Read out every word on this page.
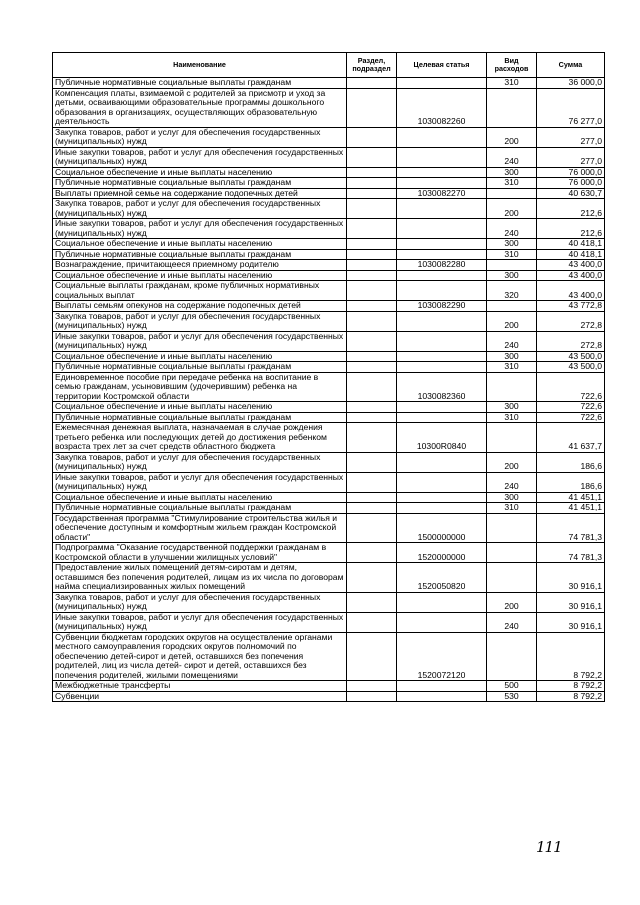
Наименование	Раздел, подраздел	Целевая статья	Вид расходов	Сумма
Публичные нормативные социальные выплаты гражданам			310	36 000,0
Компенсация платы, взимаемой с родителей за присмотр и уход за детьми, осваивающими образовательные программы дошкольного образования в организациях, осуществляющих образовательную деятельность		1030082260		76 277,0
Закупка товаров, работ и услуг для обеспечения государственных (муниципальных) нужд			200	277,0
Иные закупки товаров, работ и услуг для обеспечения государственных (муниципальных) нужд			240	277,0
Социальное обеспечение и иные выплаты населению			300	76 000,0
Публичные нормативные социальные выплаты гражданам			310	76 000,0
Выплаты приемной семье на содержание подопечных детей		1030082270		40 630,7
Закупка товаров, работ и услуг для обеспечения государственных (муниципальных) нужд			200	212,6
Иные закупки товаров, работ и услуг для обеспечения государственных (муниципальных) нужд			240	212,6
Социальное обеспечение и иные выплаты населению			300	40 418,1
Публичные нормативные социальные выплаты гражданам			310	40 418,1
Вознаграждение, причитающееся приемному родителю		1030082280		43 400,0
Социальное обеспечение и иные выплаты населению			300	43 400,0
Социальные выплаты гражданам, кроме публичных нормативных социальных выплат			320	43 400,0
Выплаты семьям опекунов на содержание подопечных детей		1030082290		43 772,8
Закупка товаров, работ и услуг для обеспечения государственных (муниципальных) нужд			200	272,8
Иные закупки товаров, работ и услуг для обеспечения государственных (муниципальных) нужд			240	272,8
Социальное обеспечение и иные выплаты населению			300	43 500,0
Публичные нормативные социальные выплаты гражданам			310	43 500,0
Единовременное пособие при передаче ребенка на воспитание в семью гражданам, усыновившим (удочерившим) ребенка на территории Костромской области		1030082360		722,6
Социальное обеспечение и иные выплаты населению			300	722,6
Публичные нормативные социальные выплаты гражданам			310	722,6
Ежемесячная денежная выплата, назначаемая в случае рождения третьего ребенка или последующих детей до достижения ребенком возраста трех лет за счет средств областного бюджета		10300R0840		41 637,7
Закупка товаров, работ и услуг для обеспечения государственных (муниципальных) нужд			200	186,6
Иные закупки товаров, работ и услуг для обеспечения государственных (муниципальных) нужд			240	186,6
Социальное обеспечение и иные выплаты населению			300	41 451,1
Публичные нормативные социальные выплаты гражданам			310	41 451,1
Государственная программа "Стимулирование строительства жилья и обеспечение доступным и комфортным жильем граждан Костромской области"		1500000000		74 781,3
Подпрограмма "Оказание государственной поддержки гражданам в Костромской области в улучшении жилищных условий"		1520000000		74 781,3
Предоставление жилых помещений детям-сиротам и детям, оставшимся без попечения родителей, лицам из их числа по договорам найма специализированных жилых помещений		1520050820		30 916,1
Закупка товаров, работ и услуг для обеспечения государственных (муниципальных) нужд			200	30 916,1
Иные закупки товаров, работ и услуг для обеспечения государственных (муниципальных) нужд			240	30 916,1
Субвенции бюджетам городских округов на осуществление органами местного самоуправления городских округов полномочий по обеспечению детей-сирот и детей, оставшихся без попечения родителей, лиц из числа детей- сирот и детей, оставшихся без попечения родителей, жилыми помещениями		1520072120		8 792,2
Межбюджетные трансферты			500	8 792,2
Субвенции			530	8 792,2
111
